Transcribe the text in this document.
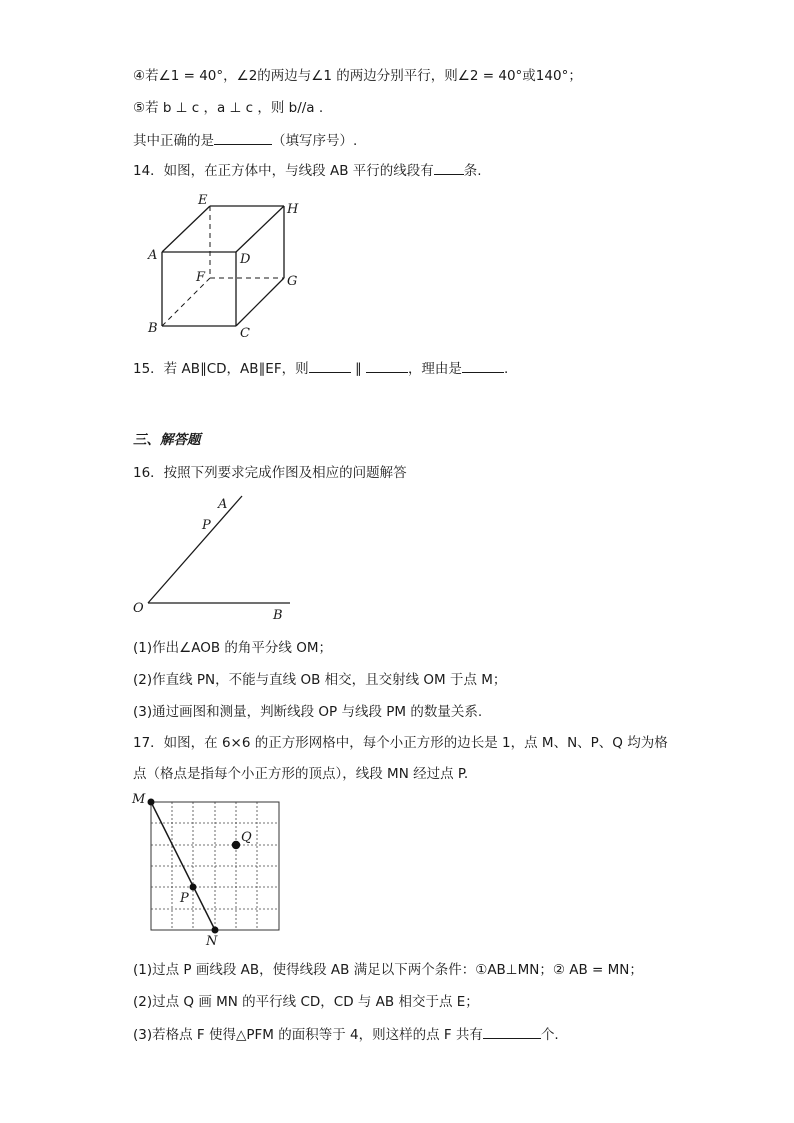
④若∠1 = 40°，∠2的两边与∠1 的两边分别平行，则∠2 = 40°或140°；
⑤若 b ⊥ c ，a ⊥ c ，则 b//a .
其中正确的是	（填写序号）.
14．如图，在正方体中，与线段 AB 平行的线段有 条.
E
H
A	D
F	G
B	C
15．若 AB∥CD，AB∥EF，则	∥	，理由是	.
三、解答题
16．按照下列要求完成作图及相应的问题解答
A
P
O	B
(1)作出∠AOB 的角平分线 OM；
(2)作直线 PN，不能与直线 OB 相交，且交射线 OM 于点 M；
(3)通过画图和测量，判断线段 OP 与线段 PM 的数量关系.
17．如图，在 6×6 的正方形网格中，每个小正方形的边长是 1，点 M、N、P、Q 均为格
点（格点是指每个小正方形的顶点），线段 MN 经过点 P.
M
Q
P
N
(1)过点 P 画线段 AB，使得线段 AB 满足以下两个条件：①AB⊥MN；② AB = MN；
(2)过点 Q 画 MN 的平行线 CD，CD 与 AB 相交于点 E；
(3)若格点 F 使得△PFM 的面积等于 4，则这样的点 F 共有	个.
